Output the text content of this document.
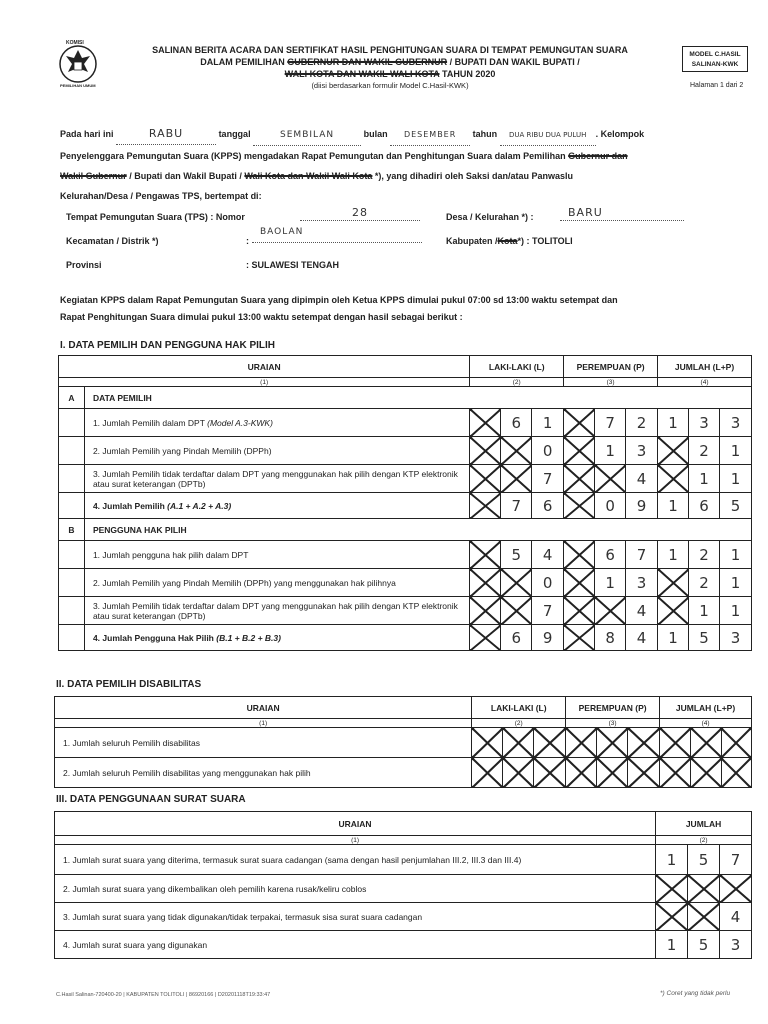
KOMISI
PEMILIHAN UMUM
SALINAN BERITA ACARA DAN SERTIFIKAT HASIL PENGHITUNGAN SUARA DI TEMPAT PEMUNGUTAN SUARA
DALAM PEMILIHAN GUBERNUR DAN WAKIL GUBERNUR / BUPATI DAN WAKIL BUPATI /
WALI KOTA DAN WAKIL WALI KOTA TAHUN 2020
(diisi berdasarkan formulir Model C.Hasil-KWK)
MODEL C.HASIL
SALINAN-KWK
Halaman 1 dari 2
Pada hari ini	RABU	tanggal	SEMBILAN	bulan DESEMBER tahun DUA RIBU DUA PULUH . Kelompok
Penyelenggara Pemungutan Suara (KPPS) mengadakan Rapat Pemungutan dan Penghitungan Suara dalam Pemilihan Gubernur dan
Wakil Gubernur / Bupati dan Wakil Bupati / Wali Kota dan Wakil Wali Kota *), yang dihadiri oleh Saksi dan/atau Panwaslu
Kelurahan/Desa / Pengawas TPS, bertempat di:
Tempat Pemungutan Suara (TPS) : Nomor	28	Desa / Kelurahan *) :	BARU
Kecamatan / Distrik *)	:
BAOLAN
Kabupaten /Kota*) : TOLITOLI
Provinsi	: SULAWESI TENGAH
Kegiatan KPPS dalam Rapat Pemungutan Suara yang dipimpin oleh Ketua KPPS dimulai pukul 07:00 sd 13:00 waktu setempat dan
Rapat Penghitungan Suara dimulai pukul 13:00 waktu setempat dengan hasil sebagai berikut :
I. DATA PEMILIH DAN PENGGUNA HAK PILIH
URAIAN		LAKI-LAKI (L)			PEREMPUAN (P)			JUMLAH (L+P)		
(1)		(2)			(3)			(4)		
A	DATA PEMILIH									
	1. Jumlah Pemilih dalam DPT (Model A.3-KWK)		6	1		7	2	1	3	3
	2. Jumlah Pemilih yang Pindah Memilih (DPPh)			0		1	3		2	1
	3. Jumlah Pemilih tidak terdaftar dalam DPT yang menggunakan hak pilih dengan KTP elektronik atau surat keterangan (DPTb)			7			4		1	1
	4. Jumlah Pemilih (A.1 + A.2 + A.3)		7	6		0	9	1	6	5
B	PENGGUNA HAK PILIH									
	1. Jumlah pengguna hak pilih dalam DPT		5	4		6	7	1	2	1
	2. Jumlah Pemilih yang Pindah Memilih (DPPh) yang menggunakan hak pilihnya			0		1	3		2	1
	3. Jumlah Pemilih tidak terdaftar dalam DPT yang menggunakan hak pilih dengan KTP elektronik atau surat keterangan (DPTb)			7			4		1	1
	4. Jumlah Pengguna Hak Pilih (B.1 + B.2 + B.3)		6	9		8	4	1	5	3
II. DATA PEMILIH DISABILITAS
URAIAN	LAKI-LAKI (L)			PEREMPUAN (P)			JUMLAH (L+P)		
(1)	(2)			(3)			(4)		
1. Jumlah seluruh Pemilih disabilitas									
2. Jumlah seluruh Pemilih disabilitas yang menggunakan hak pilih									
III. DATA PENGGUNAAN SURAT SUARA
URAIAN	JUMLAH		
(1)	(2)		
1. Jumlah surat suara yang diterima, termasuk surat suara cadangan (sama dengan hasil penjumlahan III.2, III.3 dan III.4)	1	5	7
2. Jumlah surat suara yang dikembalikan oleh pemilih karena rusak/keliru coblos			
3. Jumlah surat suara yang tidak digunakan/tidak terpakai, termasuk sisa surat suara cadangan			4
4. Jumlah surat suara yang digunakan	1	5	3
C.Hasil Salinan-720400-20 | KABUPATEN TOLITOLI | 86920166 | D20201118T19:33:47	*) Coret yang tidak perlu
